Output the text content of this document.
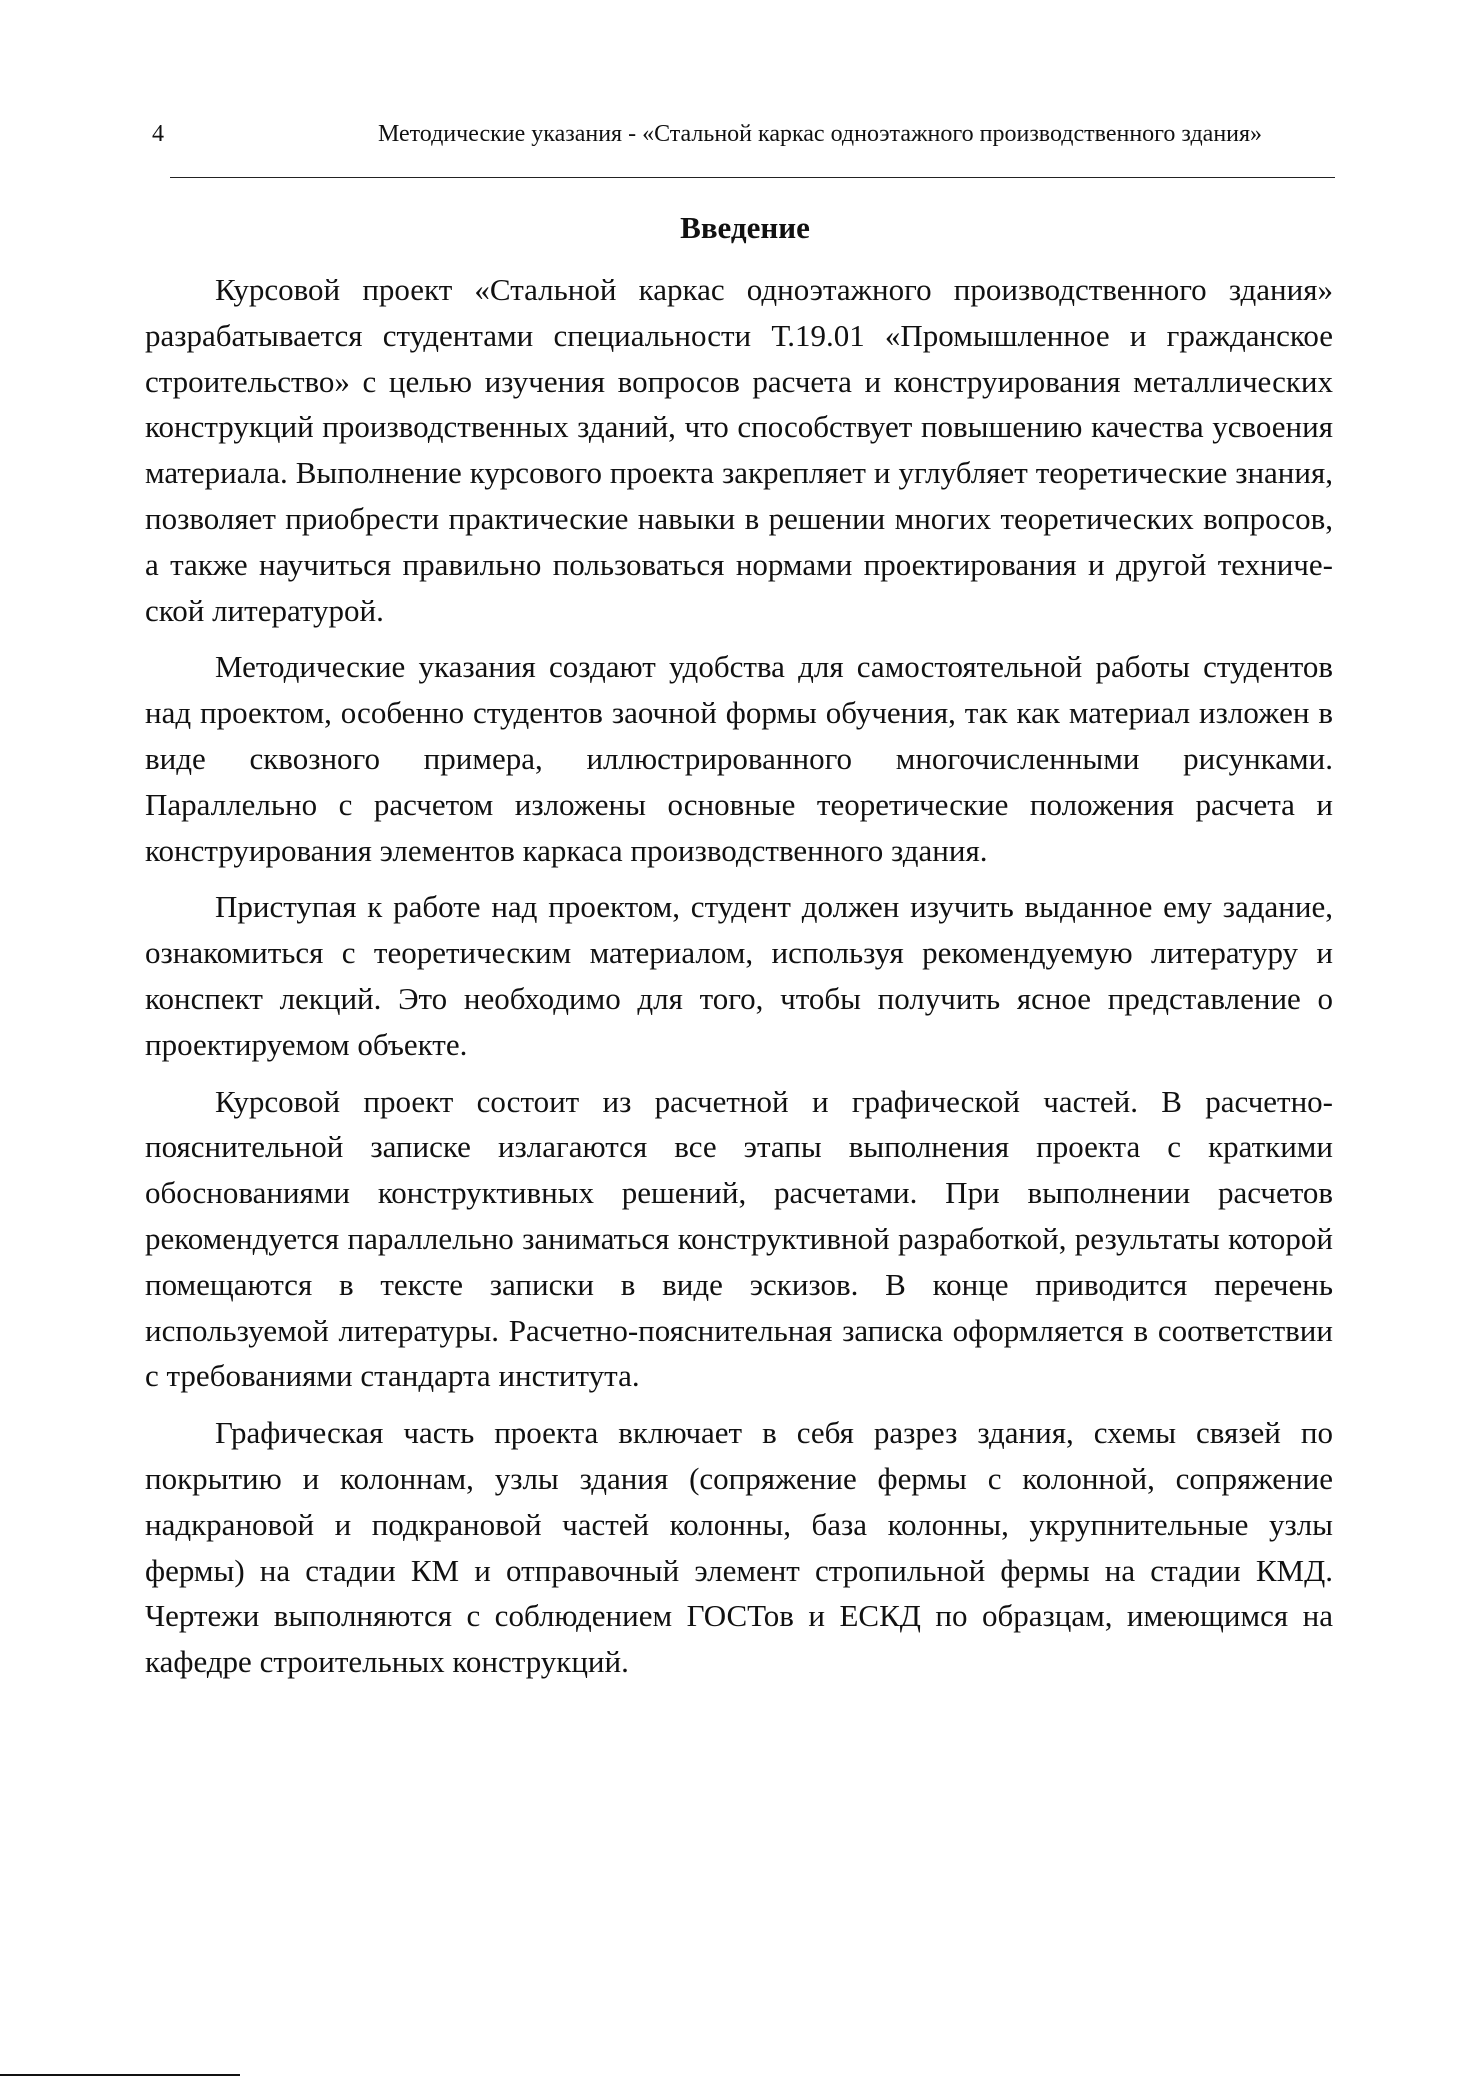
4	Методические указания - «Стальной каркас одноэтажного производственного здания»
Введение

Курсовой проект «Стальной каркас одноэтажного производственного здания» разрабатывается студентами специальности Т.19.01 «Промышленное и гражданское строительство» с целью изучения вопросов расчета и конструирования металлических конструкций производственных зданий, что способствует повышению качества усвоения материала. Выполнение курсового проекта закрепляет и углубляет теоретические знания, позволяет приобрести практические навыки в решении многих теоретических вопросов, а также научиться правильно пользоваться нормами проектирования и другой технической литературой.

Методические указания создают удобства для самостоятельной работы студентов над проектом, особенно студентов заочной формы обучения, так как материал изложен в виде сквозного примера, иллюстрированного многочисленными рисунками. Параллельно с расчетом изложены основные теоретические положения расчета и конструирования элементов каркаса производственного здания.

Приступая к работе над проектом, студент должен изучить выданное ему задание, ознакомиться с теоретическим материалом, используя рекомендуемую литературу и конспект лекций. Это необходимо для того, чтобы получить ясное представление о проектируемом объекте.

Курсовой проект состоит из расчетной и графической частей. В расчетно-пояснительной записке излагаются все этапы выполнения проекта с краткими обоснованиями конструктивных решений, расчетами. При выполнении расчетов рекомендуется параллельно заниматься конструктивной разработкой, результаты которой помещаются в тексте записки в виде эскизов. В конце приводится перечень используемой литературы. Расчетно-пояснительная записка оформляется в соответствии с требованиями стандарта института.

Графическая часть проекта включает в себя разрез здания, схемы связей по покрытию и колоннам, узлы здания (сопряжение фермы с колонной, сопряжение надкрановой и подкрановой частей колонны, база колонны, укрупнительные узлы фермы) на стадии КМ и отправочный элемент стропильной фермы на стадии КМД. Чертежи выполняются с соблюдением ГОСТов и ЕСКД по образцам, имеющимся на кафедре строительных конструкций.
